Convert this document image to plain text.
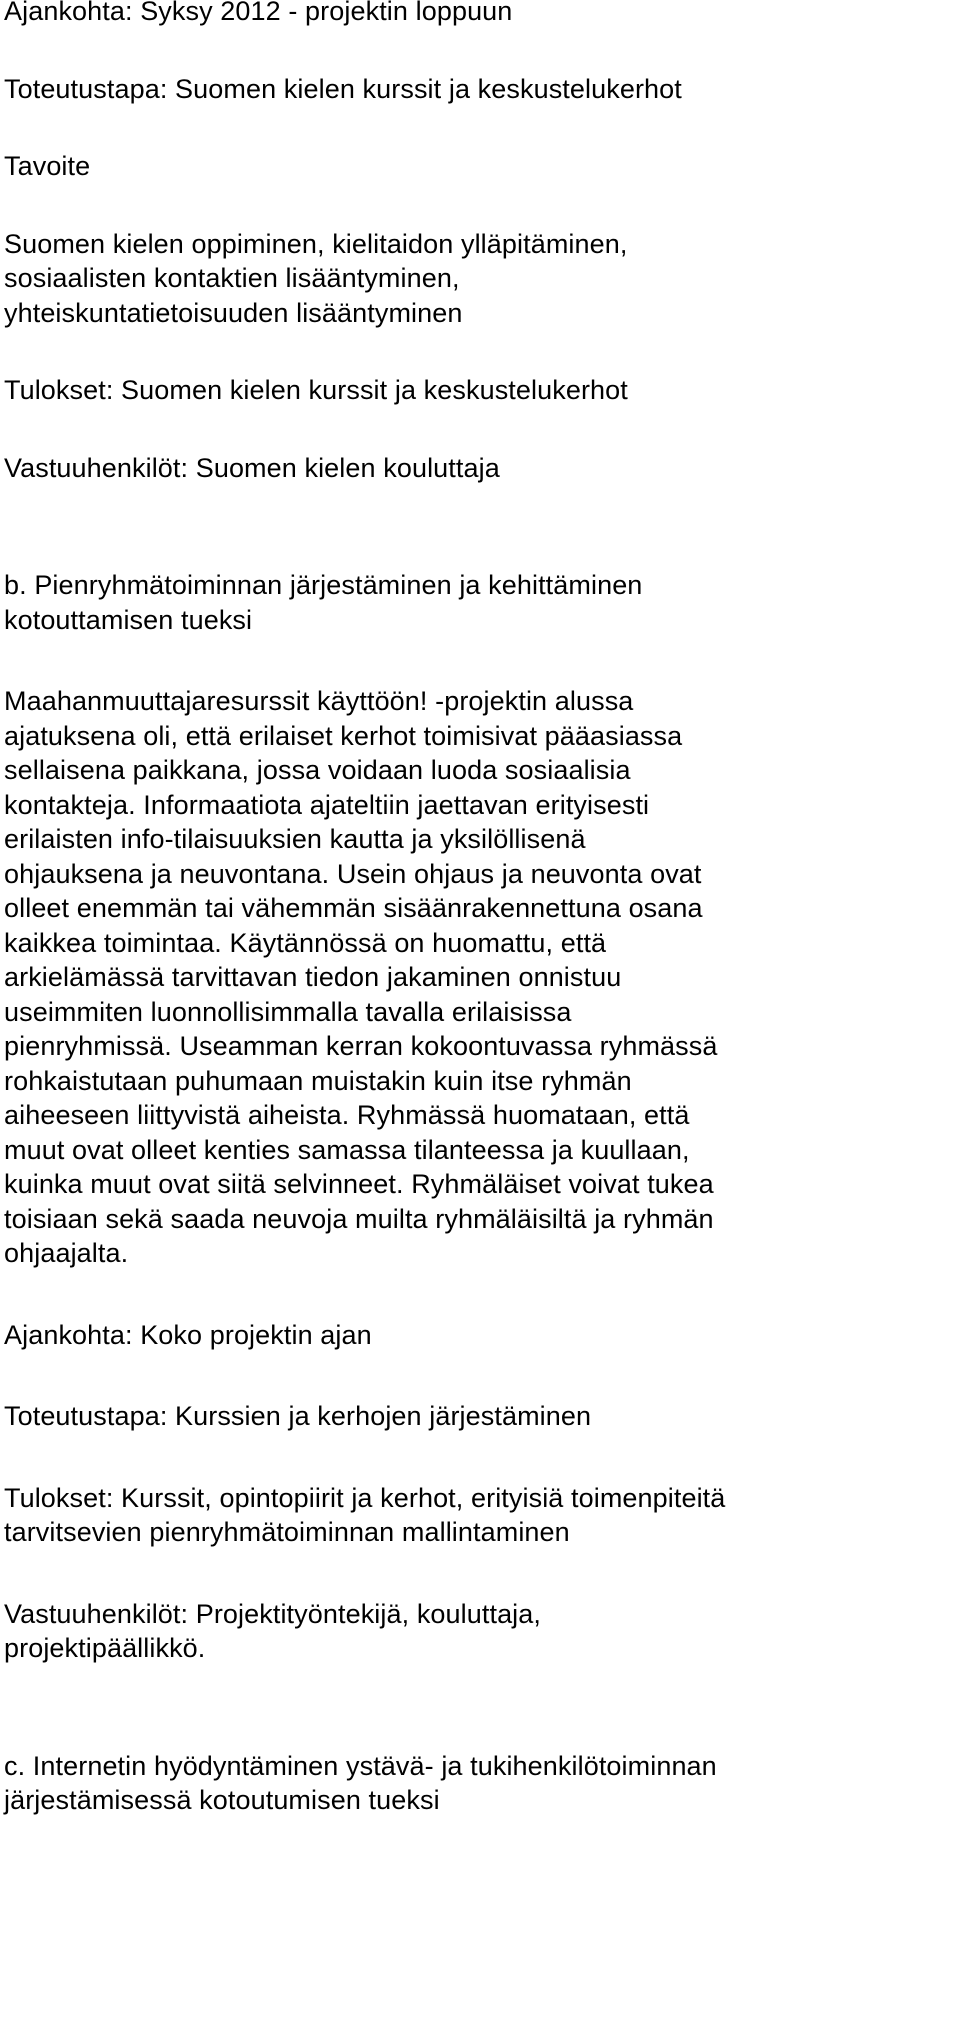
Ajankohta: Syksy 2012 - projektin loppuun

Toteutustapa: Suomen kielen kurssit ja keskustelukerhot

Tavoite

Suomen kielen oppiminen, kielitaidon ylläpitäminen,
sosiaalisten kontaktien lisääntyminen,
yhteiskuntatietoisuuden lisääntyminen

Tulokset: Suomen kielen kurssit ja keskustelukerhot

Vastuuhenkilöt: Suomen kielen kouluttaja

b. Pienryhmätoiminnan järjestäminen ja kehittäminen
kotouttamisen tueksi

Maahanmuuttajaresurssit käyttöön! -projektin alussa
ajatuksena oli, että erilaiset kerhot toimisivat pääasiassa
sellaisena paikkana, jossa voidaan luoda sosiaalisia
kontakteja. Informaatiota ajateltiin jaettavan erityisesti
erilaisten info-tilaisuuksien kautta ja yksilöllisenä
ohjauksena ja neuvontana. Usein ohjaus ja neuvonta ovat
olleet enemmän tai vähemmän sisäänrakennettuna osana
kaikkea toimintaa. Käytännössä on huomattu, että
arkielämässä tarvittavan tiedon jakaminen onnistuu
useimmiten luonnollisimmalla tavalla erilaisissa
pienryhmissä. Useamman kerran kokoontuvassa ryhmässä
rohkaistutaan puhumaan muistakin kuin itse ryhmän
aiheeseen liittyvistä aiheista. Ryhmässä huomataan, että
muut ovat olleet kenties samassa tilanteessa ja kuullaan,
kuinka muut ovat siitä selvinneet. Ryhmäläiset voivat tukea
toisiaan sekä saada neuvoja muilta ryhmäläisiltä ja ryhmän
ohjaajalta.

Ajankohta: Koko projektin ajan

Toteutustapa: Kurssien ja kerhojen järjestäminen

Tulokset: Kurssit, opintopiirit ja kerhot, erityisiä toimenpiteitä
tarvitsevien pienryhmätoiminnan mallintaminen

Vastuuhenkilöt: Projektityöntekijä, kouluttaja,
projektipäällikkö.

c. Internetin hyödyntäminen ystävä- ja tukihenkilötoiminnan
järjestämisessä kotoutumisen tueksi
